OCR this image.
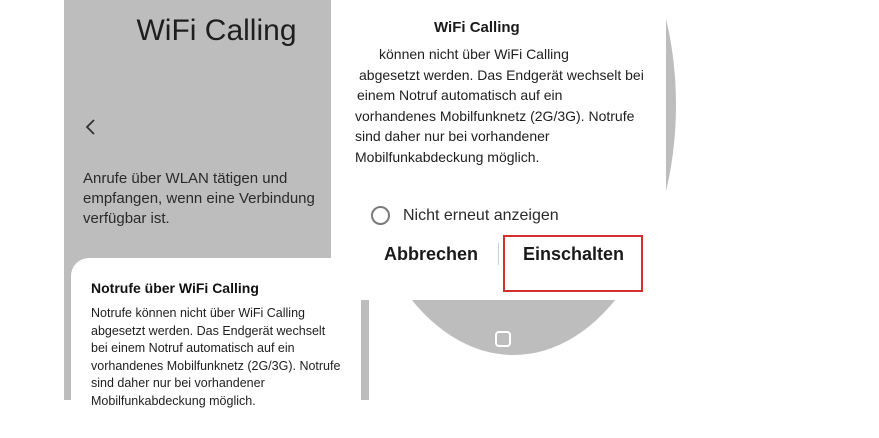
WiFi Calling
Anrufe über WLAN tätigen und empfangen, wenn eine Verbindung verfügbar ist.
Notrufe über WiFi Calling
Notrufe können nicht über WiFi Calling abgesetzt werden. Das Endgerät wechselt bei einem Notruf automatisch auf ein vorhandenes Mobilfunknetz (2G/3G). Notrufe sind daher nur bei vorhandener Mobilfunkabdeckung möglich.
WiFi Calling
können nicht über WiFi Calling
abgesetzt werden. Das Endgerät wechselt bei
einem Notruf automatisch auf ein
vorhandenes Mobilfunknetz (2G/3G). Notrufe
sind daher nur bei vorhandener
Mobilfunkabdeckung möglich.
Nicht erneut anzeigen
Abbrechen Einschalten
